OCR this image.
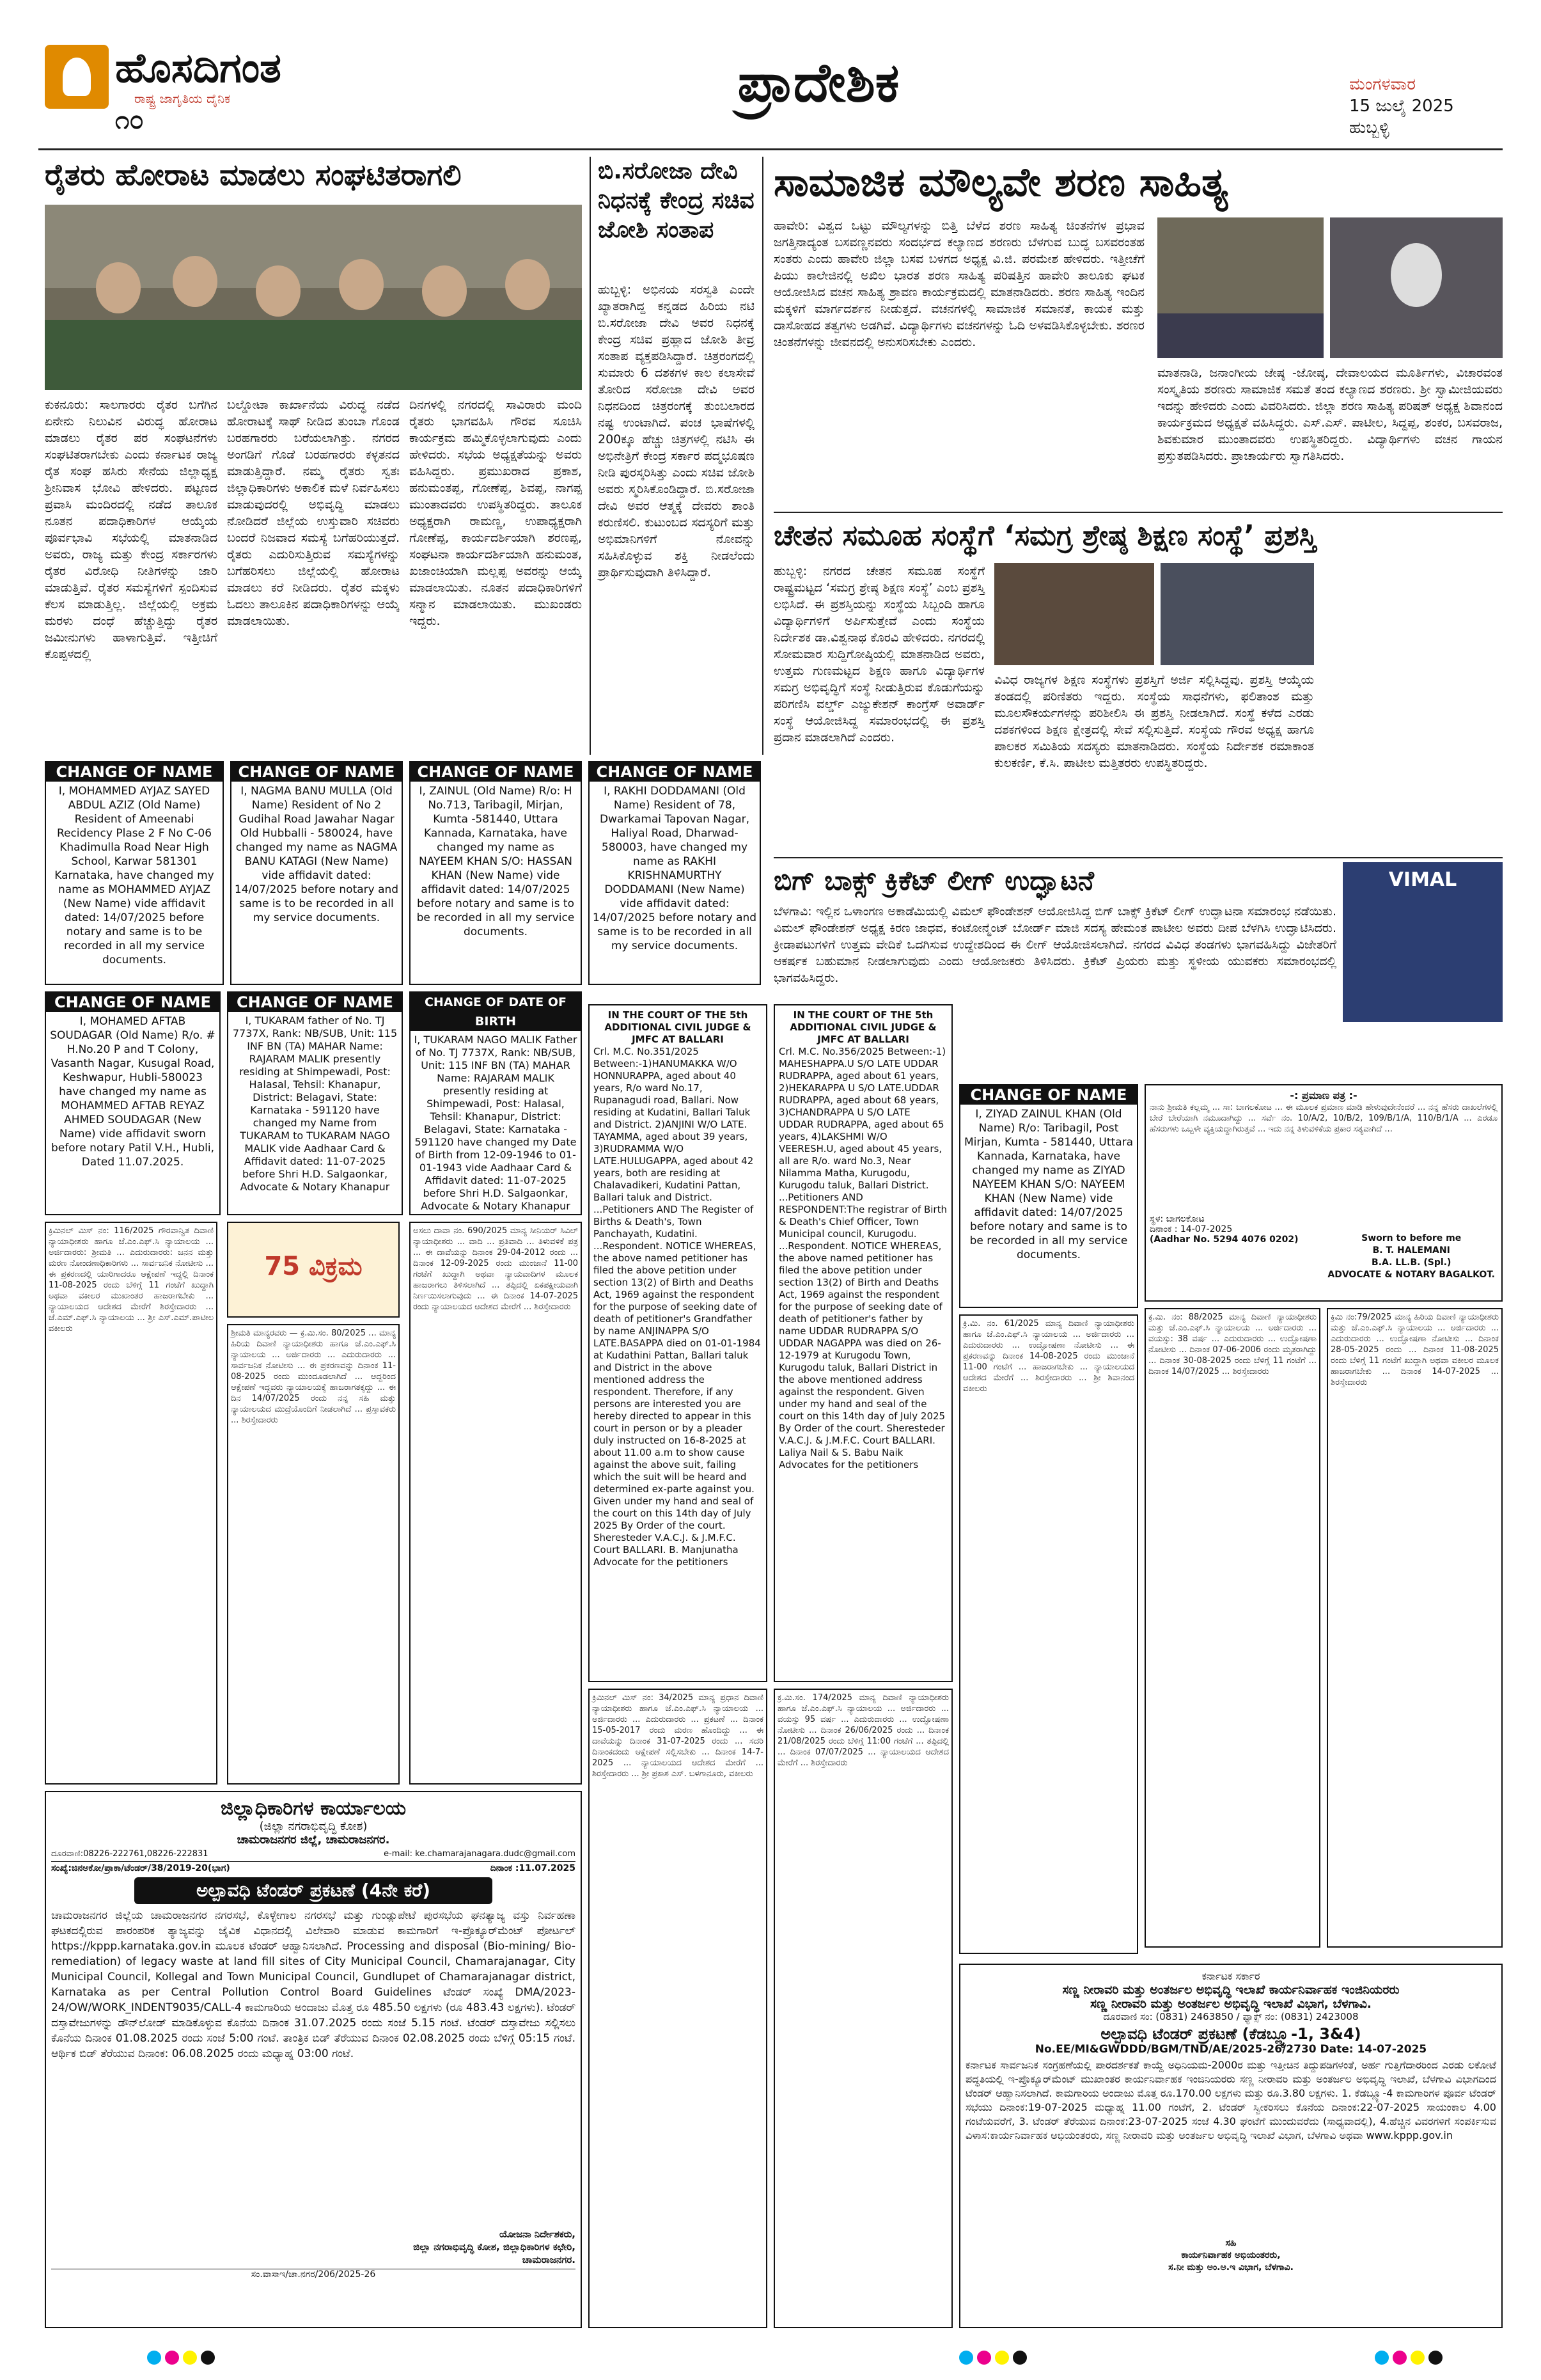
ಹೊಸದಿಗಂತ
ರಾಷ್ಟ್ರ ಜಾಗೃತಿಯ ದೈನಿಕ
೧೦
ಪ್ರಾದೇಶಿಕ	ಮಂಗಳವಾರ
15 ಜುಲೈ 2025
ಹುಬ್ಬಳ್ಳಿ
ರೈತರು ಹೋರಾಟ ಮಾಡಲು ಸಂಘಟಿತರಾಗಲಿ
ಕುಕನೂರು: ಸಾಲಗಾರರು ರೈತರ ಬಗೆಗಿನ ಏನೇನು ನಿಲುವಿನ ವಿರುದ್ಧ ಹೋರಾಟ ಮಾಡಲು ರೈತರ ಪರ ಸಂಘಟನೆಗಳು ಸಂಘಟಿತರಾಗಬೇಕು ಎಂದು ಕರ್ನಾಟಕ ರಾಜ್ಯ ರೈತ ಸಂಘ ಹಸಿರು ಸೇನೆಯ ಜಿಲ್ಲಾಧ್ಯಕ್ಷ ಶ್ರೀನಿವಾಸ ಭೋವಿ ಹೇಳಿದರು. ಪಟ್ಟಣದ ಪ್ರವಾಸಿ ಮಂದಿರದಲ್ಲಿ ನಡೆದ ತಾಲೂಕ ನೂತನ ಪದಾಧಿಕಾರಿಗಳ ಆಯ್ಕೆಯ ಪೂರ್ವಭಾವಿ ಸಭೆಯಲ್ಲಿ ಮಾತನಾಡಿದ ಅವರು, ರಾಜ್ಯ ಮತ್ತು ಕೇಂದ್ರ ಸರ್ಕಾರಗಳು ರೈತರ ವಿರೋಧಿ ನೀತಿಗಳನ್ನು ಜಾರಿ ಮಾಡುತ್ತಿವೆ. ರೈತರ ಸಮಸ್ಯೆಗಳಿಗೆ ಸ್ಪಂದಿಸುವ ಕೆಲಸ ಮಾಡುತ್ತಿಲ್ಲ. ಜಿಲ್ಲೆಯಲ್ಲಿ ಅಕ್ರಮ ಮರಳು ದಂಧೆ ಹೆಚ್ಚುತ್ತಿದ್ದು ರೈತರ ಜಮೀನುಗಳು ಹಾಳಾಗುತ್ತಿವೆ. ಇತ್ತೀಚಿಗೆ ಕೊಪ್ಪಳದಲ್ಲಿ
ಬಲ್ಡೋಟಾ ಕಾರ್ಖಾನೆಯ ವಿರುದ್ಧ ನಡೆದ ಹೋರಾಟಕ್ಕೆ ಸಾಥ್ ನೀಡಿದ ತುಂಬಾ ಗೊಂಡ ಬರಹಗಾರರು ಬರೆಯಲಾಗಿತ್ತು. ನಗರದ ಅಂಗಡಿಗೆ ಗೊಡೆ ಬರಹಗಾರರು ಕಳ್ಳತನದ ಮಾಡುತ್ತಿದ್ದಾರೆ. ನಮ್ಮ ರೈತರು ಸ್ವತಃ ಜಿಲ್ಲಾಧಿಕಾರಿಗಳು ಅಕಾಲಿಕ ಮಳೆ ನಿರ್ವಹಿಸಲು ಮಾಡುವುದರಲ್ಲಿ ಅಭಿವೃದ್ಧಿ ಮಾಡಲು ನೋಡಿದರೆ ಜಿಲ್ಲೆಯ ಉಸ್ತುವಾರಿ ಸಚಿವರು ಬಂದರೆ ನಿಜವಾದ ಸಮಸ್ಯೆ ಬಗೆಹರಿಯುತ್ತದೆ. ರೈತರು ಎದುರಿಸುತ್ತಿರುವ ಸಮಸ್ಯೆಗಳನ್ನು ಬಗೆಹರಿಸಲು ಜಿಲ್ಲೆಯಲ್ಲಿ ಹೋರಾಟ ಮಾಡಲು ಕರೆ ನೀಡಿದರು. ರೈತರ ಮಕ್ಕಳು ಓದಲು ತಾಲೂಕಿನ ಪದಾಧಿಕಾರಿಗಳನ್ನು ಆಯ್ಕೆ ಮಾಡಲಾಯಿತು.
ದಿನಗಳಲ್ಲಿ ನಗರದಲ್ಲಿ ಸಾವಿರಾರು ಮಂದಿ ರೈತರು ಭಾಗವಹಿಸಿ ಗೌರವ ಸೂಚಿಸಿ ಕಾರ್ಯಕ್ರಮ ಹಮ್ಮಿಕೊಳ್ಳಲಾಗುವುದು ಎಂದು ಹೇಳಿದರು. ಸಭೆಯ ಅಧ್ಯಕ್ಷತೆಯನ್ನು ಅವರು ವಹಿಸಿದ್ದರು. ಪ್ರಮುಖರಾದ ಪ್ರಕಾಶ, ಹನುಮಂತಪ್ಪ, ಗೋಣೆಪ್ಪ, ಶಿವಪ್ಪ, ನಾಗಪ್ಪ ಮುಂತಾದವರು ಉಪಸ್ಥಿತರಿದ್ದರು. ತಾಲೂಕ ಅಧ್ಯಕ್ಷರಾಗಿ ರಾಮಣ್ಣ, ಉಪಾಧ್ಯಕ್ಷರಾಗಿ ಗೋಣೆಪ್ಪ, ಕಾರ್ಯದರ್ಶಿಯಾಗಿ ಶರಣಪ್ಪ, ಸಂಘಟನಾ ಕಾರ್ಯದರ್ಶಿಯಾಗಿ ಹನುಮಂತ, ಖಜಾಂಚಿಯಾಗಿ ಮಲ್ಲಪ್ಪ ಅವರನ್ನು ಆಯ್ಕೆ ಮಾಡಲಾಯಿತು. ನೂತನ ಪದಾಧಿಕಾರಿಗಳಿಗೆ ಸನ್ಮಾನ ಮಾಡಲಾಯಿತು. ಮುಖಂಡರು ಇದ್ದರು.
ಬಿ.ಸರೋಜಾ ದೇವಿ ನಿಧನಕ್ಕೆ ಕೇಂದ್ರ ಸಚಿವ ಜೋಶಿ ಸಂತಾಪ
ಹುಬ್ಬಳ್ಳಿ: ಅಭಿನಯ ಸರಸ್ವತಿ ಎಂದೇ ಖ್ಯಾತರಾಗಿದ್ದ ಕನ್ನಡದ ಹಿರಿಯ ನಟಿ ಬಿ.ಸರೋಜಾ ದೇವಿ ಅವರ ನಿಧನಕ್ಕೆ ಕೇಂದ್ರ ಸಚಿವ ಪ್ರಹ್ಲಾದ ಜೋಶಿ ತೀವ್ರ ಸಂತಾಪ ವ್ಯಕ್ತಪಡಿಸಿದ್ದಾರೆ. ಚಿತ್ರರಂಗದಲ್ಲಿ ಸುಮಾರು 6 ದಶಕಗಳ ಕಾಲ ಕಲಾಸೇವೆ ತೋರಿದ ಸರೋಜಾ ದೇವಿ ಅವರ ನಿಧನದಿಂದ ಚಿತ್ರರಂಗಕ್ಕೆ ತುಂಬಲಾರದ ನಷ್ಟ ಉಂಟಾಗಿದೆ. ಪಂಚ ಭಾಷೆಗಳಲ್ಲಿ 200ಕ್ಕೂ ಹೆಚ್ಚು ಚಿತ್ರಗಳಲ್ಲಿ ನಟಿಸಿ ಈ ಅಭಿನೇತ್ರಿಗೆ ಕೇಂದ್ರ ಸರ್ಕಾರ ಪದ್ಮಭೂಷಣ ನೀಡಿ ಪುರಸ್ಕರಿಸಿತ್ತು ಎಂದು ಸಚಿವ ಜೋಶಿ ಅವರು ಸ್ಮರಿಸಿಕೊಂಡಿದ್ದಾರೆ. ಬಿ.ಸರೋಜಾ ದೇವಿ ಅವರ ಆತ್ಮಕ್ಕೆ ದೇವರು ಶಾಂತಿ ಕರುಣಿಸಲಿ. ಕುಟುಂಬದ ಸದಸ್ಯರಿಗೆ ಮತ್ತು ಅಭಿಮಾನಿಗಳಿಗೆ ನೋವನ್ನು ಸಹಿಸಿಕೊಳ್ಳುವ ಶಕ್ತಿ ನೀಡಲೆಂದು ಪ್ರಾರ್ಥಿಸುವುದಾಗಿ ತಿಳಿಸಿದ್ದಾರೆ.
ಸಾಮಾಜಿಕ ಮೌಲ್ಯವೇ ಶರಣ ಸಾಹಿತ್ಯ
ಹಾವೇರಿ: ವಿಶ್ವದ ಒಟ್ಟು ಮೌಲ್ಯಗಳನ್ನು ಬಿತ್ತಿ ಬೆಳೆದ ಶರಣ ಸಾಹಿತ್ಯ ಚಿಂತನೆಗಳ ಪ್ರಭಾವ ಜಗತ್ತಿನಾದ್ಯಂತ ಬಸವಣ್ಣನವರು ಸಂದರ್ಭದ ಕಲ್ಯಾಣದ ಶರಣರು ಬೆಳಗುವ ಬುದ್ಧ ಬಸವರಂತಹ ಸಂತರು ಎಂದು ಹಾವೇರಿ ಜಿಲ್ಲಾ ಬಸವ ಬಳಗದ ಅಧ್ಯಕ್ಷ ವಿ.ಜಿ. ಪರಮೇಶ ಹೇಳಿದರು. ಇತ್ತೀಚೆಗೆ ಪಿಯು ಕಾಲೇಜಿನಲ್ಲಿ ಅಖಿಲ ಭಾರತ ಶರಣ ಸಾಹಿತ್ಯ ಪರಿಷತ್ತಿನ ಹಾವೇರಿ ತಾಲೂಕು ಘಟಕ ಆಯೋಜಿಸಿದ ವಚನ ಸಾಹಿತ್ಯ ಶ್ರಾವಣ ಕಾರ್ಯಕ್ರಮದಲ್ಲಿ ಮಾತನಾಡಿದರು. ಶರಣ ಸಾಹಿತ್ಯ ಇಂದಿನ ಮಕ್ಕಳಿಗೆ ಮಾರ್ಗದರ್ಶನ ನೀಡುತ್ತದೆ. ವಚನಗಳಲ್ಲಿ ಸಾಮಾಜಿಕ ಸಮಾನತೆ, ಕಾಯಕ ಮತ್ತು ದಾಸೋಹದ ತತ್ವಗಳು ಅಡಗಿವೆ. ವಿದ್ಯಾರ್ಥಿಗಳು ವಚನಗಳನ್ನು ಓದಿ ಅಳವಡಿಸಿಕೊಳ್ಳಬೇಕು. ಶರಣರ ಚಿಂತನೆಗಳನ್ನು ಜೀವನದಲ್ಲಿ ಅನುಸರಿಸಬೇಕು ಎಂದರು.
ಮಾತನಾಡಿ, ಜನಾಂಗೀಯ ಜೇಷ್ಠ -ಜೋಷ್ಠ, ದೇವಾಲಯದ ಮೂರ್ತಿಗಳು, ವಿಚಾರವಂತ ಸಂಸ್ಕೃತಿಯ ಶರಣರು ಸಾಮಾಜಿಕ ಸಮತೆ ತಂದ ಕಲ್ಯಾಣದ ಶರಣರು. ಶ್ರೀ ಸ್ವಾಮೀಜಿಯವರು ಇದನ್ನು ಹೇಳಿದರು ಎಂದು ವಿವರಿಸಿದರು. ಜಿಲ್ಲಾ ಶರಣ ಸಾಹಿತ್ಯ ಪರಿಷತ್ ಅಧ್ಯಕ್ಷ ಶಿವಾನಂದ ಕಾರ್ಯಕ್ರಮದ ಅಧ್ಯಕ್ಷತೆ ವಹಿಸಿದ್ದರು. ಎಸ್.ಎಸ್. ಪಾಟೀಲ, ಸಿದ್ದಪ್ಪ, ಶಂಕರ, ಬಸವರಾಜ, ಶಿವಕುಮಾರ ಮುಂತಾದವರು ಉಪಸ್ಥಿತರಿದ್ದರು. ವಿದ್ಯಾರ್ಥಿಗಳು ವಚನ ಗಾಯನ ಪ್ರಸ್ತುತಪಡಿಸಿದರು. ಪ್ರಾಚಾರ್ಯರು ಸ್ವಾಗತಿಸಿದರು.
ಚೇತನ ಸಮೂಹ ಸಂಸ್ಥೆಗೆ ‘ಸಮಗ್ರ ಶ್ರೇಷ್ಠ ಶಿಕ್ಷಣ ಸಂಸ್ಥೆ’ ಪ್ರಶಸ್ತಿ
ಹುಬ್ಬಳ್ಳಿ: ನಗರದ ಚೇತನ ಸಮೂಹ ಸಂಸ್ಥೆಗೆ ರಾಷ್ಟ್ರಮಟ್ಟದ ‘ಸಮಗ್ರ ಶ್ರೇಷ್ಠ ಶಿಕ್ಷಣ ಸಂಸ್ಥೆ’ ಎಂಬ ಪ್ರಶಸ್ತಿ ಲಭಿಸಿದೆ. ಈ ಪ್ರಶಸ್ತಿಯನ್ನು ಸಂಸ್ಥೆಯ ಸಿಬ್ಬಂದಿ ಹಾಗೂ ವಿದ್ಯಾರ್ಥಿಗಳಿಗೆ ಅರ್ಪಿಸುತ್ತೇವೆ ಎಂದು ಸಂಸ್ಥೆಯ ನಿರ್ದೇಶಕ ಡಾ.ವಿಶ್ವನಾಥ ಕೊರವಿ ಹೇಳಿದರು. ನಗರದಲ್ಲಿ ಸೋಮವಾರ ಸುದ್ದಿಗೋಷ್ಠಿಯಲ್ಲಿ ಮಾತನಾಡಿದ ಅವರು, ಉತ್ತಮ ಗುಣಮಟ್ಟದ ಶಿಕ್ಷಣ ಹಾಗೂ ವಿದ್ಯಾರ್ಥಿಗಳ ಸಮಗ್ರ ಅಭಿವೃದ್ಧಿಗೆ ಸಂಸ್ಥೆ ನೀಡುತ್ತಿರುವ ಕೊಡುಗೆಯನ್ನು ಪರಿಗಣಿಸಿ ವರ್ಲ್ಡ್ ಎಜ್ಯುಕೇಶನ್ ಕಾಂಗ್ರೆಸ್ ಅವಾರ್ಡ್ ಸಂಸ್ಥೆ ಆಯೋಜಿಸಿದ್ದ ಸಮಾರಂಭದಲ್ಲಿ ಈ ಪ್ರಶಸ್ತಿ ಪ್ರದಾನ ಮಾಡಲಾಗಿದೆ ಎಂದರು.
ವಿವಿಧ ರಾಜ್ಯಗಳ ಶಿಕ್ಷಣ ಸಂಸ್ಥೆಗಳು ಪ್ರಶಸ್ತಿಗೆ ಅರ್ಜಿ ಸಲ್ಲಿಸಿದ್ದವು. ಪ್ರಶಸ್ತಿ ಆಯ್ಕೆಯ ತಂಡದಲ್ಲಿ ಪರಿಣಿತರು ಇದ್ದರು. ಸಂಸ್ಥೆಯ ಸಾಧನೆಗಳು, ಫಲಿತಾಂಶ ಮತ್ತು ಮೂಲಸೌಕರ್ಯಗಳನ್ನು ಪರಿಶೀಲಿಸಿ ಈ ಪ್ರಶಸ್ತಿ ನೀಡಲಾಗಿದೆ. ಸಂಸ್ಥೆ ಕಳೆದ ಎರಡು ದಶಕಗಳಿಂದ ಶಿಕ್ಷಣ ಕ್ಷೇತ್ರದಲ್ಲಿ ಸೇವೆ ಸಲ್ಲಿಸುತ್ತಿದೆ. ಸಂಸ್ಥೆಯ ಗೌರವ ಅಧ್ಯಕ್ಷ ಹಾಗೂ ಪಾಲಕರ ಸಮಿತಿಯ ಸದಸ್ಯರು ಮಾತನಾಡಿದರು. ಸಂಸ್ಥೆಯ ನಿರ್ದೇಶಕ ರಮಾಕಾಂತ ಕುಲಕರ್ಣಿ, ಕೆ.ಸಿ. ಪಾಟೀಲ ಮತ್ತಿತರರು ಉಪಸ್ಥಿತರಿದ್ದರು.
ಬಿಗ್ ಬಾಕ್ಸ್ ಕ್ರಿಕೆಟ್ ಲೀಗ್ ಉದ್ಘಾಟನೆ
ಬೆಳಗಾವಿ: ಇಲ್ಲಿನ ಒಳಾಂಗಣ ಅಕಾಡೆಮಿಯಲ್ಲಿ ವಿಮಲ್ ಫೌಂಡೇಶನ್ ಆಯೋಜಿಸಿದ್ದ ಬಿಗ್ ಬಾಕ್ಸ್ ಕ್ರಿಕೆಟ್ ಲೀಗ್ ಉದ್ಘಾಟನಾ ಸಮಾರಂಭ ನಡೆಯಿತು. ವಿಮಲ್ ಫೌಂಡೇಶನ್ ಅಧ್ಯಕ್ಷ ಕಿರಣ ಜಾಧವ, ಕಂಟೋನ್ಮೆಂಟ್ ಬೋರ್ಡ್ ಮಾಜಿ ಸದಸ್ಯ ಹೇಮಂತ ಪಾಟೀಲ ಅವರು ದೀಪ ಬೆಳಗಿಸಿ ಉದ್ಘಾಟಿಸಿದರು. ಕ್ರೀಡಾಪಟುಗಳಿಗೆ ಉತ್ತಮ ವೇದಿಕೆ ಒದಗಿಸುವ ಉದ್ದೇಶದಿಂದ ಈ ಲೀಗ್ ಆಯೋಜಿಸಲಾಗಿದೆ. ನಗರದ ವಿವಿಧ ತಂಡಗಳು ಭಾಗವಹಿಸಿದ್ದು ವಿಜೇತರಿಗೆ ಆಕರ್ಷಕ ಬಹುಮಾನ ನೀಡಲಾಗುವುದು ಎಂದು ಆಯೋಜಕರು ತಿಳಿಸಿದರು. ಕ್ರಿಕೆಟ್ ಪ್ರಿಯರು ಮತ್ತು ಸ್ಥಳೀಯ ಯುವಕರು ಸಮಾರಂಭದಲ್ಲಿ ಭಾಗವಹಿಸಿದ್ದರು.
VIMAL
CHANGE OF NAME
I, MOHAMMED AYJAZ SAYED ABDUL AZIZ (Old Name) Resident of Ameenabi Recidency Plase 2 F No C-06 Khadimulla Road Near High School, Karwar 581301 Karnataka, have changed my name as MOHAMMED AYJAZ (New Name) vide affidavit dated: 14/07/2025 before notary and same is to be recorded in all my service documents.
CHANGE OF NAME
I, NAGMA BANU MULLA (Old Name) Resident of No 2 Gudihal Road Jawahar Nagar Old Hubballi - 580024, have changed my name as NAGMA BANU KATAGI (New Name) vide affidavit dated: 14/07/2025 before notary and same is to be recorded in all my service documents.
CHANGE OF NAME
I, ZAINUL (Old Name) R/o: H No.713, Taribagil, Mirjan, Kumta -581440, Uttara Kannada, Karnataka, have changed my name as NAYEEM KHAN S/O: HASSAN KHAN (New Name) vide affidavit dated: 14/07/2025 before notary and same is to be recorded in all my service documents.
CHANGE OF NAME
I, RAKHI DODDAMANI (Old Name) Resident of 78, Dwarkamai Tapovan Nagar, Haliyal Road, Dharwad-580003, have changed my name as RAKHI KRISHNAMURTHY DODDAMANI (New Name) vide affidavit dated: 14/07/2025 before notary and same is to be recorded in all my service documents.
CHANGE OF NAME
I, MOHAMED AFTAB SOUDAGAR (Old Name) R/o. # H.No.20 P and T Colony, Vasanth Nagar, Kusugal Road, Keshwapur, Hubli-580023 have changed my name as MOHAMMED AFTAB REYAZ AHMED SOUDAGAR (New Name) vide affidavit sworn before notary Patil V.H., Hubli, Dated 11.07.2025.
CHANGE OF NAME
I, TUKARAM father of No. TJ 7737X, Rank: NB/SUB, Unit: 115 INF BN (TA) MAHAR Name: RAJARAM MALIK presently residing at Shimpewadi, Post: Halasal, Tehsil: Khanapur, District: Belagavi, State: Karnataka - 591120 have changed my Name from TUKARAM to TUKARAM NAGO MALIK vide Aadhaar Card & Affidavit dated: 11-07-2025 before Shri H.D. Salgaonkar, Advocate & Notary Khanapur
CHANGE OF DATE OF BIRTH
I, TUKARAM NAGO MALIK Father of No. TJ 7737X, Rank: NB/SUB, Unit: 115 INF BN (TA) MAHAR Name: RAJARAM MALIK presently residing at Shimpewadi, Post: Halasal, Tehsil: Khanapur, District: Belagavi, State: Karnataka - 591120 have changed my Date of Birth from 12-09-1946 to 01-01-1943 vide Aadhaar Card & Affidavit dated: 11-07-2025 before Shri H.D. Salgaonkar, Advocate & Notary Khanapur
IN THE COURT OF THE 5th ADDITIONAL CIVIL JUDGE & JMFC AT BALLARI
Crl. M.C. No.351/2025 Between:-1)HANUMAKKA W/O HONNURAPPA, aged about 40 years, R/o ward No.17, Rupanagudi road, Ballari. Now residing at Kudatini, Ballari Taluk and District. 2)ANJINI W/O LATE. TAYAMMA, aged about 39 years, 3)RUDRAMMA W/O LATE.HULUGAPPA, aged about 42 years, both are residing at Chalavadikeri, Kudatini Pattan, Ballari taluk and District. ...Petitioners AND The Register of Births & Death's, Town Panchayath, Kudatini. ...Respondent. NOTICE WHEREAS, the above named petitioner has filed the above petition under section 13(2) of Birth and Deaths Act, 1969 against the respondent for the purpose of seeking date of death of petitioner's Grandfather by name ANJINAPPA S/O LATE.BASAPPA died on 01-01-1984 at Kudathini Pattan, Ballari taluk and District in the above mentioned address the respondent. Therefore, if any persons are interested you are hereby directed to appear in this court in person or by a pleader duly instructed on 16-8-2025 at about 11.00 a.m to show cause against the above suit, failing which the suit will be heard and determined ex-parte against you. Given under my hand and seal of the court on this 14th day of July 2025 By Order of the court. Sheresteder V.A.C.J. & J.M.F.C. Court BALLARI. B. Manjunatha Advocate for the petitioners
IN THE COURT OF THE 5th ADDITIONAL CIVIL JUDGE & JMFC AT BALLARI
Crl. M.C. No.356/2025 Between:-1) MAHESHAPPA.U S/O LATE UDDAR RUDRAPPA, aged about 61 years, 2)HEKARAPPA U S/O LATE.UDDAR RUDRAPPA, aged about 68 years, 3)CHANDRAPPA U S/O LATE UDDAR RUDRAPPA, aged about 65 years, 4)LAKSHMI W/O VEERESH.U, aged about 45 years, all are R/o. ward No.3, Near Nilamma Matha, Kurugodu, Kurugodu taluk, Ballari District. ...Petitioners AND RESPONDENT:The registrar of Birth & Death's Chief Officer, Town Municipal council, Kurugodu. ...Respondent. NOTICE WHEREAS, the above named petitioner has filed the above petition under section 13(2) of Birth and Deaths Act, 1969 against the respondent for the purpose of seeking date of death of petitioner's father by name UDDAR RUDRAPPA S/O UDDAR NAGAPPA was died on 26-12-1979 at Kurugodu Town, Kurugodu taluk, Ballari District in the above mentioned address against the respondent. Given under my hand and seal of the court on this 14th day of July 2025 By Order of the court. Sheresteder V.A.C.J. & J.M.F.C. Court BALLARI. Laliya Nail & S. Babu Naik Advocates for the petitioners
CHANGE OF NAME
I, ZIYAD ZAINUL KHAN (Old Name) R/o: Taribagil, Post Mirjan, Kumta - 581440, Uttara Kannada, Karnataka, have changed my name as ZIYAD NAYEEM KHAN S/O: NAYEEM KHAN (New Name) vide affidavit dated: 14/07/2025 before notary and same is to be recorded in all my service documents.
-: ಪ್ರಮಾಣ ಪತ್ರ :-
ನಾನು ಶ್ರೀಮತಿ ಕಲ್ಲಮ್ಮ ... ಸಾ: ಬಾಗಲಕೋಟ ... ಈ ಮೂಲಕ ಪ್ರಮಾಣ ಮಾಡಿ ಹೇಳುವುದೇನೆಂದರೆ ... ನನ್ನ ಹೆಸರು ದಾಖಲೆಗಳಲ್ಲಿ ಬೇರೆ ಬೇರೆಯಾಗಿ ನಮೂದಾಗಿದ್ದು ... ಸರ್ವೆ ನಂ. 10/A/2, 10/B/2, 109/B/1/A, 110/B/1/A ... ಎರಡೂ ಹೆಸರುಗಳು ಒಬ್ಬಳೇ ವ್ಯಕ್ತಿಯದ್ದಾಗಿರುತ್ತವೆ ... ಇದು ನನ್ನ ತಿಳುವಳಿಕೆಯ ಪ್ರಕಾರ ಸತ್ಯವಾಗಿದೆ ...
ಸ್ಥಳ: ಬಾಗಲಕೋಟ
ದಿನಾಂಕ : 14-07-2025
(Aadhar No. 5294 4076 0202)	Sworn to before me
B. T. HALEMANI
B.A. LL.B. (Spl.)
ADVOCATE & NOTARY BAGALKOT.
ಕ್ರಿಮಿನಲ್ ಮಿಸ್ ನಂ: 116/2025 ಗೌರವಾನ್ವಿತ ದಿವಾಣಿ ನ್ಯಾಯಾಧೀಶರು ಹಾಗೂ ಜೆ.ಎಂ.ಎಫ್.ಸಿ ನ್ಯಾಯಾಲಯ ... ಅರ್ಜಿದಾರರು: ಶ್ರೀಮತಿ ... ಎದುರುದಾರರು: ಜನನ ಮತ್ತು ಮರಣ ನೋಂದಣಾಧಿಕಾರಿಗಳು ... ಸಾರ್ವಜನಿಕ ನೋಟೀಸು ... ಈ ಪ್ರಕರಣದಲ್ಲಿ ಯಾರಿಗಾದರೂ ಆಕ್ಷೇಪಣೆ ಇದ್ದಲ್ಲಿ ದಿನಾಂಕ 11-08-2025 ರಂದು ಬೆಳಿಗ್ಗೆ 11 ಗಂಟೆಗೆ ಖುದ್ದಾಗಿ ಅಥವಾ ವಕೀಲರ ಮುಖಾಂತರ ಹಾಜರಾಗಬೇಕು ... ನ್ಯಾಯಾಲಯದ ಆದೇಶದ ಮೇರೆಗೆ ಶಿರಸ್ತೇದಾರರು ... ಜೆ.ಎಮ್.ಎಫ್.ಸಿ ನ್ಯಾಯಾಲಯ ... ಶ್ರೀ ಎಸ್.ಎಮ್.ಪಾಟೀಲ ವಕೀಲರು
75 ವಿಕ್ರಮ
ಶ್ರೀಮತಿ ಮಾನ್ಯರವರು — ಕ್ರ.ಮಿ.ಸಂ. 80/2025 ... ಮಾನ್ಯ ಹಿರಿಯ ದಿವಾಣಿ ನ್ಯಾಯಾಧೀಶರು ಹಾಗೂ ಜೆ.ಎಂ.ಎಫ್.ಸಿ ನ್ಯಾಯಾಲಯ ... ಅರ್ಜಿದಾರರು ... ಎದುರುದಾರರು ... ಸಾರ್ವಜನಿಕ ನೋಟೀಸು ... ಈ ಪ್ರಕರಣವನ್ನು ದಿನಾಂಕ 11-08-2025 ರಂದು ಮುಂದೂಡಲಾಗಿದೆ ... ಆದ್ದರಿಂದ ಆಕ್ಷೇಪಣೆ ಇದ್ದವರು ನ್ಯಾಯಾಲಯಕ್ಕೆ ಹಾಜರಾಗತಕ್ಕದ್ದು ... ಈ ದಿನ 14/07/2025 ರಂದು ನನ್ನ ಸಹಿ ಮತ್ತು ನ್ಯಾಯಾಲಯದ ಮುದ್ರೆಯೊಂದಿಗೆ ನೀಡಲಾಗಿದೆ ... ಪ್ರಸ್ತಾವಕರು ... ಶಿರಸ್ತೇದಾರರು
ಅಸಲು ದಾವಾ ನಂ. 690/2025 ಮಾನ್ಯ ಸೀನಿಯರ್ ಸಿವಿಲ್ ನ್ಯಾಯಾಧೀಶರು ... ವಾದಿ ... ಪ್ರತಿವಾದಿ ... ತಿಳುವಳಿಕೆ ಪತ್ರ ... ಈ ದಾವೆಯನ್ನು ದಿನಾಂಕ 29-04-2012 ರಂದು ... ದಿನಾಂಕ 12-09-2025 ರಂದು ಮುಂಜಾನೆ 11-00 ಗಂಟೆಗೆ ಖುದ್ದಾಗಿ ಅಥವಾ ನ್ಯಾಯವಾದಿಗಳ ಮೂಲಕ ಹಾಜರಾಗಲು ತಿಳಿಸಲಾಗಿದೆ ... ತಪ್ಪಿದಲ್ಲಿ ಏಕಪಕ್ಷೀಯವಾಗಿ ನಿರ್ಣಯಿಸಲಾಗುವುದು ... ಈ ದಿನಾಂಕ 14-07-2025 ರಂದು ನ್ಯಾಯಾಲಯದ ಆದೇಶದ ಮೇರೆಗೆ ... ಶಿರಸ್ತೇದಾರರು
ಕ್ರಿಮಿನಲ್ ಮಿಸ್ ನಂ: 34/2025 ಮಾನ್ಯ ಪ್ರಧಾನ ದಿವಾಣಿ ನ್ಯಾಯಾಧೀಶರು ಹಾಗೂ ಜೆ.ಎಂ.ಎಫ್.ಸಿ ನ್ಯಾಯಾಲಯ ... ಅರ್ಜಿದಾರರು ... ಎದುರುದಾರರು ... ಪ್ರಕಟಣೆ ... ದಿನಾಂಕ 15-05-2017 ರಂದು ಮರಣ ಹೊಂದಿದ್ದು ... ಈ ದಾವೆಯನ್ನು ದಿನಾಂಕ 31-07-2025 ರಂದು ... ಸದರಿ ದಿನಾಂಕದಂದು ಆಕ್ಷೇಪಣೆ ಸಲ್ಲಿಸಬೇಕು ... ದಿನಾಂಕ 14-7-2025 ... ನ್ಯಾಯಾಲಯದ ಆದೇಶದ ಮೇರೆಗೆ ... ಶಿರಸ್ತೇದಾರರು ... ಶ್ರೀ ಪ್ರಕಾಶ ಎಸ್. ಬಳಗಾನೂರು, ವಕೀಲರು
ಕ್ರ.ಮಿ.ಸಂ. 174/2025 ಮಾನ್ಯ ದಿವಾಣಿ ನ್ಯಾಯಾಧೀಶರು ಹಾಗೂ ಜೆ.ಎಂ.ಎಫ್.ಸಿ ನ್ಯಾಯಾಲಯ ... ಅರ್ಜಿದಾರರು ... ವಯಸ್ಸು 95 ವರ್ಷ ... ಎದುರುದಾರರು ... ಉದ್ಘೋಷಣಾ ನೋಟೀಸು ... ದಿನಾಂಕ 26/06/2025 ರಂದು ... ದಿನಾಂಕ 21/08/2025 ರಂದು ಬೆಳಿಗ್ಗೆ 11:00 ಗಂಟೆಗೆ ... ತಪ್ಪಿದಲ್ಲಿ ... ದಿನಾಂಕ 07/07/2025 ... ನ್ಯಾಯಾಲಯದ ಆದೇಶದ ಮೇರೆಗೆ ... ಶಿರಸ್ತೇದಾರರು
ಕ್ರಿ.ಮಿ. ನಂ. 61/2025 ಮಾನ್ಯ ದಿವಾಣಿ ನ್ಯಾಯಾಧೀಶರು ಹಾಗೂ ಜೆ.ಎಂ.ಎಫ್.ಸಿ ನ್ಯಾಯಾಲಯ ... ಅರ್ಜಿದಾರರು ... ಎದುರುದಾರರು ... ಉದ್ಘೋಷಣಾ ನೋಟೀಸು ... ಈ ಪ್ರಕರಣವನ್ನು ದಿನಾಂಕ 14-08-2025 ರಂದು ಮುಂಜಾನೆ 11-00 ಗಂಟೆಗೆ ... ಹಾಜರಾಗಬೇಕು ... ನ್ಯಾಯಾಲಯದ ಆದೇಶದ ಮೇರೆಗೆ ... ಶಿರಸ್ತೇದಾರರು ... ಶ್ರೀ ಶಿವಾನಂದ ವಕೀಲರು
ಕ್ರ.ಮಿ. ನಂ: 88/2025 ಮಾನ್ಯ ದಿವಾಣಿ ನ್ಯಾಯಾಧೀಶರು ಮತ್ತು ಜೆ.ಎಂ.ಎಫ್.ಸಿ ನ್ಯಾಯಾಲಯ ... ಅರ್ಜಿದಾರರು ... ವಯಸ್ಸು: 38 ವರ್ಷ ... ಎದುರುದಾರರು ... ಉದ್ಘೋಷಣಾ ನೋಟೀಸು ... ದಿನಾಂಕ 07-06-2006 ರಂದು ಮೃತರಾಗಿದ್ದು ... ದಿನಾಂಕ 30-08-2025 ರಂದು ಬೆಳಿಗ್ಗೆ 11 ಗಂಟೆಗೆ ... ದಿನಾಂಕ 14/07/2025 ... ಶಿರಸ್ತೇದಾರರು
ಕ್ರಿಮಿ ನಂ:79/2025 ಮಾನ್ಯ ಹಿರಿಯ ದಿವಾಣಿ ನ್ಯಾಯಾಧೀಶರು ಮತ್ತು ಜೆ.ಎಂ.ಎಫ್.ಸಿ ನ್ಯಾಯಾಲಯ ... ಅರ್ಜಿದಾರರು ... ಎದುರುದಾರರು ... ಉದ್ಘೋಷಣಾ ನೋಟೀಸು ... ದಿನಾಂಕ 28-05-2025 ರಂದು ... ದಿನಾಂಕ 11-08-2025 ರಂದು ಬೆಳಿಗ್ಗೆ 11 ಗಂಟೆಗೆ ಖುದ್ದಾಗಿ ಅಥವಾ ವಕೀಲರ ಮೂಲಕ ಹಾಜರಾಗಬೇಕು ... ದಿನಾಂಕ 14-07-2025 ... ಶಿರಸ್ತೇದಾರರು
ಜಿಲ್ಲಾಧಿಕಾರಿಗಳ ಕಾರ್ಯಾಲಯ
(ಜಿಲ್ಲಾ ನಗರಾಭಿವೃದ್ಧಿ ಕೋಶ)
ಚಾಮರಾಜನಗರ ಜಿಲ್ಲೆ, ಚಾಮರಾಜನಗರ.
ದೂರವಾಣಿ:08226-222761,08226-222831	e-mail: ke.chamarajanagara.dudc@gmail.com
ಸಂಖ್ಯೆ:ಜಿನಅಕೋ/ಪ್ರಾಕಾ/ಟೆಂಡರ್/38/2019-20(ಭಾಗ)	ದಿನಾಂಕ :11.07.2025
ಅಲ್ಪಾವಧಿ ಟೆಂಡರ್ ಪ್ರಕಟಣೆ (4ನೇ ಕರೆ)
ಚಾಮರಾಜನಗರ ಜಿಲ್ಲೆಯ ಚಾಮರಾಜನಗರ ನಗರಸಭೆ, ಕೊಳ್ಳೇಗಾಲ ನಗರಸಭೆ ಮತ್ತು ಗುಂಡ್ಲುಪೇಟೆ ಪುರಸಭೆಯ ಘನತ್ಯಾಜ್ಯ ವಸ್ತು ನಿರ್ವಹಣಾ ಘಟಕದಲ್ಲಿರುವ ಪಾರಂಪರಿಕ ತ್ಯಾಜ್ಯವನ್ನು ಜೈವಿಕ ವಿಧಾನದಲ್ಲಿ ವಿಲೇವಾರಿ ಮಾಡುವ ಕಾಮಗಾರಿಗೆ ಇ-ಪ್ರೊಕ್ಯೂರ್‌ಮೆಂಟ್ ಪೋರ್ಟಲ್ https://kppp.karnataka.gov.in ಮೂಲಕ ಟೆಂಡರ್ ಆಹ್ವಾನಿಸಲಾಗಿದೆ. Processing and disposal (Bio-mining/ Bio-remediation) of legacy waste at land fill sites of City Municipal Council, Chamarajanagar, City Municipal Council, Kollegal and Town Municipal Council, Gundlupet of Chamarajanagar district, Karnataka as per Central Pollution Control Board Guidelines ಟೆಂಡರ್ ಸಂಖ್ಯೆ DMA/2023-24/OW/WORK_INDENT9035/CALL-4 ಕಾಮಗಾರಿಯ ಅಂದಾಜು ಮೊತ್ತ ರೂ 485.50 ಲಕ್ಷಗಳು (ರೂ 483.43 ಲಕ್ಷಗಳು). ಟೆಂಡರ್ ದಸ್ತಾವೇಜುಗಳನ್ನು ಡೌನ್‌ಲೋಡ್ ಮಾಡಿಕೊಳ್ಳುವ ಕೊನೆಯ ದಿನಾಂಕ 31.07.2025 ರಂದು ಸಂಜೆ 5.15 ಗಂಟೆ. ಟೆಂಡರ್ ದಸ್ತಾವೇಜು ಸಲ್ಲಿಸಲು ಕೊನೆಯ ದಿನಾಂಕ 01.08.2025 ರಂದು ಸಂಜೆ 5:00 ಗಂಟೆ. ತಾಂತ್ರಿಕ ಬಿಡ್ ತೆರೆಯುವ ದಿನಾಂಕ 02.08.2025 ರಂದು ಬೆಳಿಗ್ಗೆ 05:15 ಗಂಟೆ. ಆರ್ಥಿಕ ಬಿಡ್ ತೆರೆಯುವ ದಿನಾಂಕ: 06.08.2025 ರಂದು ಮಧ್ಯಾಹ್ನ 03:00 ಗಂಟೆ.
ಯೋಜನಾ ನಿರ್ದೇಶಕರು,
ಜಿಲ್ಲಾ ನಗರಾಭಿವೃದ್ಧಿ ಕೋಶ, ಜಿಲ್ಲಾಧಿಕಾರಿಗಳ ಕಛೇರಿ,
ಚಾಮರಾಜನಗರ.
ಸಂ.ವಾಸಾಇ/ಚಾ.ನಗರ/206/2025-26
ಕರ್ನಾಟಕ ಸರ್ಕಾರ
ಸಣ್ಣ ನೀರಾವರಿ ಮತ್ತು ಅಂತರ್ಜಲ ಅಭಿವೃದ್ಧಿ ಇಲಾಖೆ ಕಾರ್ಯನಿರ್ವಾಹಕ ಇಂಜಿನಿಯರರು
ಸಣ್ಣ ನೀರಾವರಿ ಮತ್ತು ಅಂತರ್ಜಲ ಅಭಿವೃದ್ಧಿ ಇಲಾಖೆ ವಿಭಾಗ, ಬೆಳಗಾವಿ.
ದೂರವಾಣಿ ಸಂ: (0831) 2463850 / ಫ್ಯಾಕ್ಸ್ ನಂ: (0831) 2423008
ಅಲ್ಪಾವಧಿ ಟೆಂಡರ್ ಪ್ರಕಟಣೆ (ಕೆಡಬ್ಲ್ಯೂ-1, 3&4)
No.EE/MI&GWDDD/BGM/TND/AE/2025-26/2730 Date: 14-07-2025
ಕರ್ನಾಟಕ ಸಾರ್ವಜನಿಕ ಸಂಗ್ರಹಣೆಯಲ್ಲಿ ಪಾರದರ್ಶಕತೆ ಕಾಯ್ದೆ ಅಧಿನಿಯಮ-2000ರ ಮತ್ತು ಇತ್ತೀಚಿನ ತಿದ್ದುಪಡಿಗಳಂತೆ, ಅರ್ಹ ಗುತ್ತಿಗೆದಾರರಿಂದ ಎರಡು ಲಕೋಟೆ ಪದ್ಧತಿಯಲ್ಲಿ ಇ-ಪ್ರೊಕ್ಯೂರ್‌ಮೆಂಟ್ ಮುಖಾಂತರ ಕಾರ್ಯನಿರ್ವಾಹಕ ಇಂಜಿನಿಯರರು ಸಣ್ಣ ನೀರಾವರಿ ಮತ್ತು ಅಂತರ್ಜಲ ಅಭಿವೃದ್ಧಿ ಇಲಾಖೆ, ಬೆಳಗಾವಿ ವಿಭಾಗದಿಂದ ಟೆಂಡರ್ ಆಹ್ವಾನಿಸಲಾಗಿದೆ. ಕಾಮಗಾರಿಯ ಅಂದಾಜು ಮೊತ್ತ ರೂ.170.00 ಲಕ್ಷಗಳು ಮತ್ತು ರೂ.3.80 ಲಕ್ಷಗಳು. 1. ಕೆಡಬ್ಲ್ಯೂ-4 ಕಾಮಗಾರಿಗಳ ಪೂರ್ವ ಟೆಂಡರ್ ಸಭೆಯು ದಿನಾಂಕ:19-07-2025 ಮಧ್ಯಾಹ್ನ 11.00 ಗಂಟೆಗೆ, 2. ಟೆಂಡರ್ ಸ್ವೀಕರಿಸಲು ಕೊನೆಯ ದಿನಾಂಕ:22-07-2025 ಸಾಯಂಕಾಲ 4.00 ಗಂಟೆಯವರೆಗೆ, 3. ಟೆಂಡರ್ ತೆರೆಯುವ ದಿನಾಂಕ:23-07-2025 ಸಂಜೆ 4.30 ಘಂಟೆಗೆ ಮುಂದುವರೆದು (ಸಾಧ್ಯವಾದಲ್ಲಿ), 4.ಹೆಚ್ಚಿನ ವಿವರಗಳಿಗೆ ಸಂಪರ್ಕಿಸುವ ವಿಳಾಸ:ಕಾರ್ಯನಿರ್ವಾಹಕ ಅಭಿಯಂತರರು, ಸಣ್ಣ ನೀರಾವರಿ ಮತ್ತು ಅಂತರ್ಜಲ ಅಭಿವೃದ್ಧಿ ಇಲಾಖೆ ವಿಭಾಗ, ಬೆಳಗಾವಿ ಅಥವಾ www.kppp.gov.in
ಸಹಿ
ಕಾರ್ಯನಿರ್ವಾಹಕ ಅಭಿಯಂತರರು,
ಸ.ನೀ ಮತ್ತು ಅಂ.ಅ.ಇ ವಿಭಾಗ, ಬೆಳಗಾವಿ.
